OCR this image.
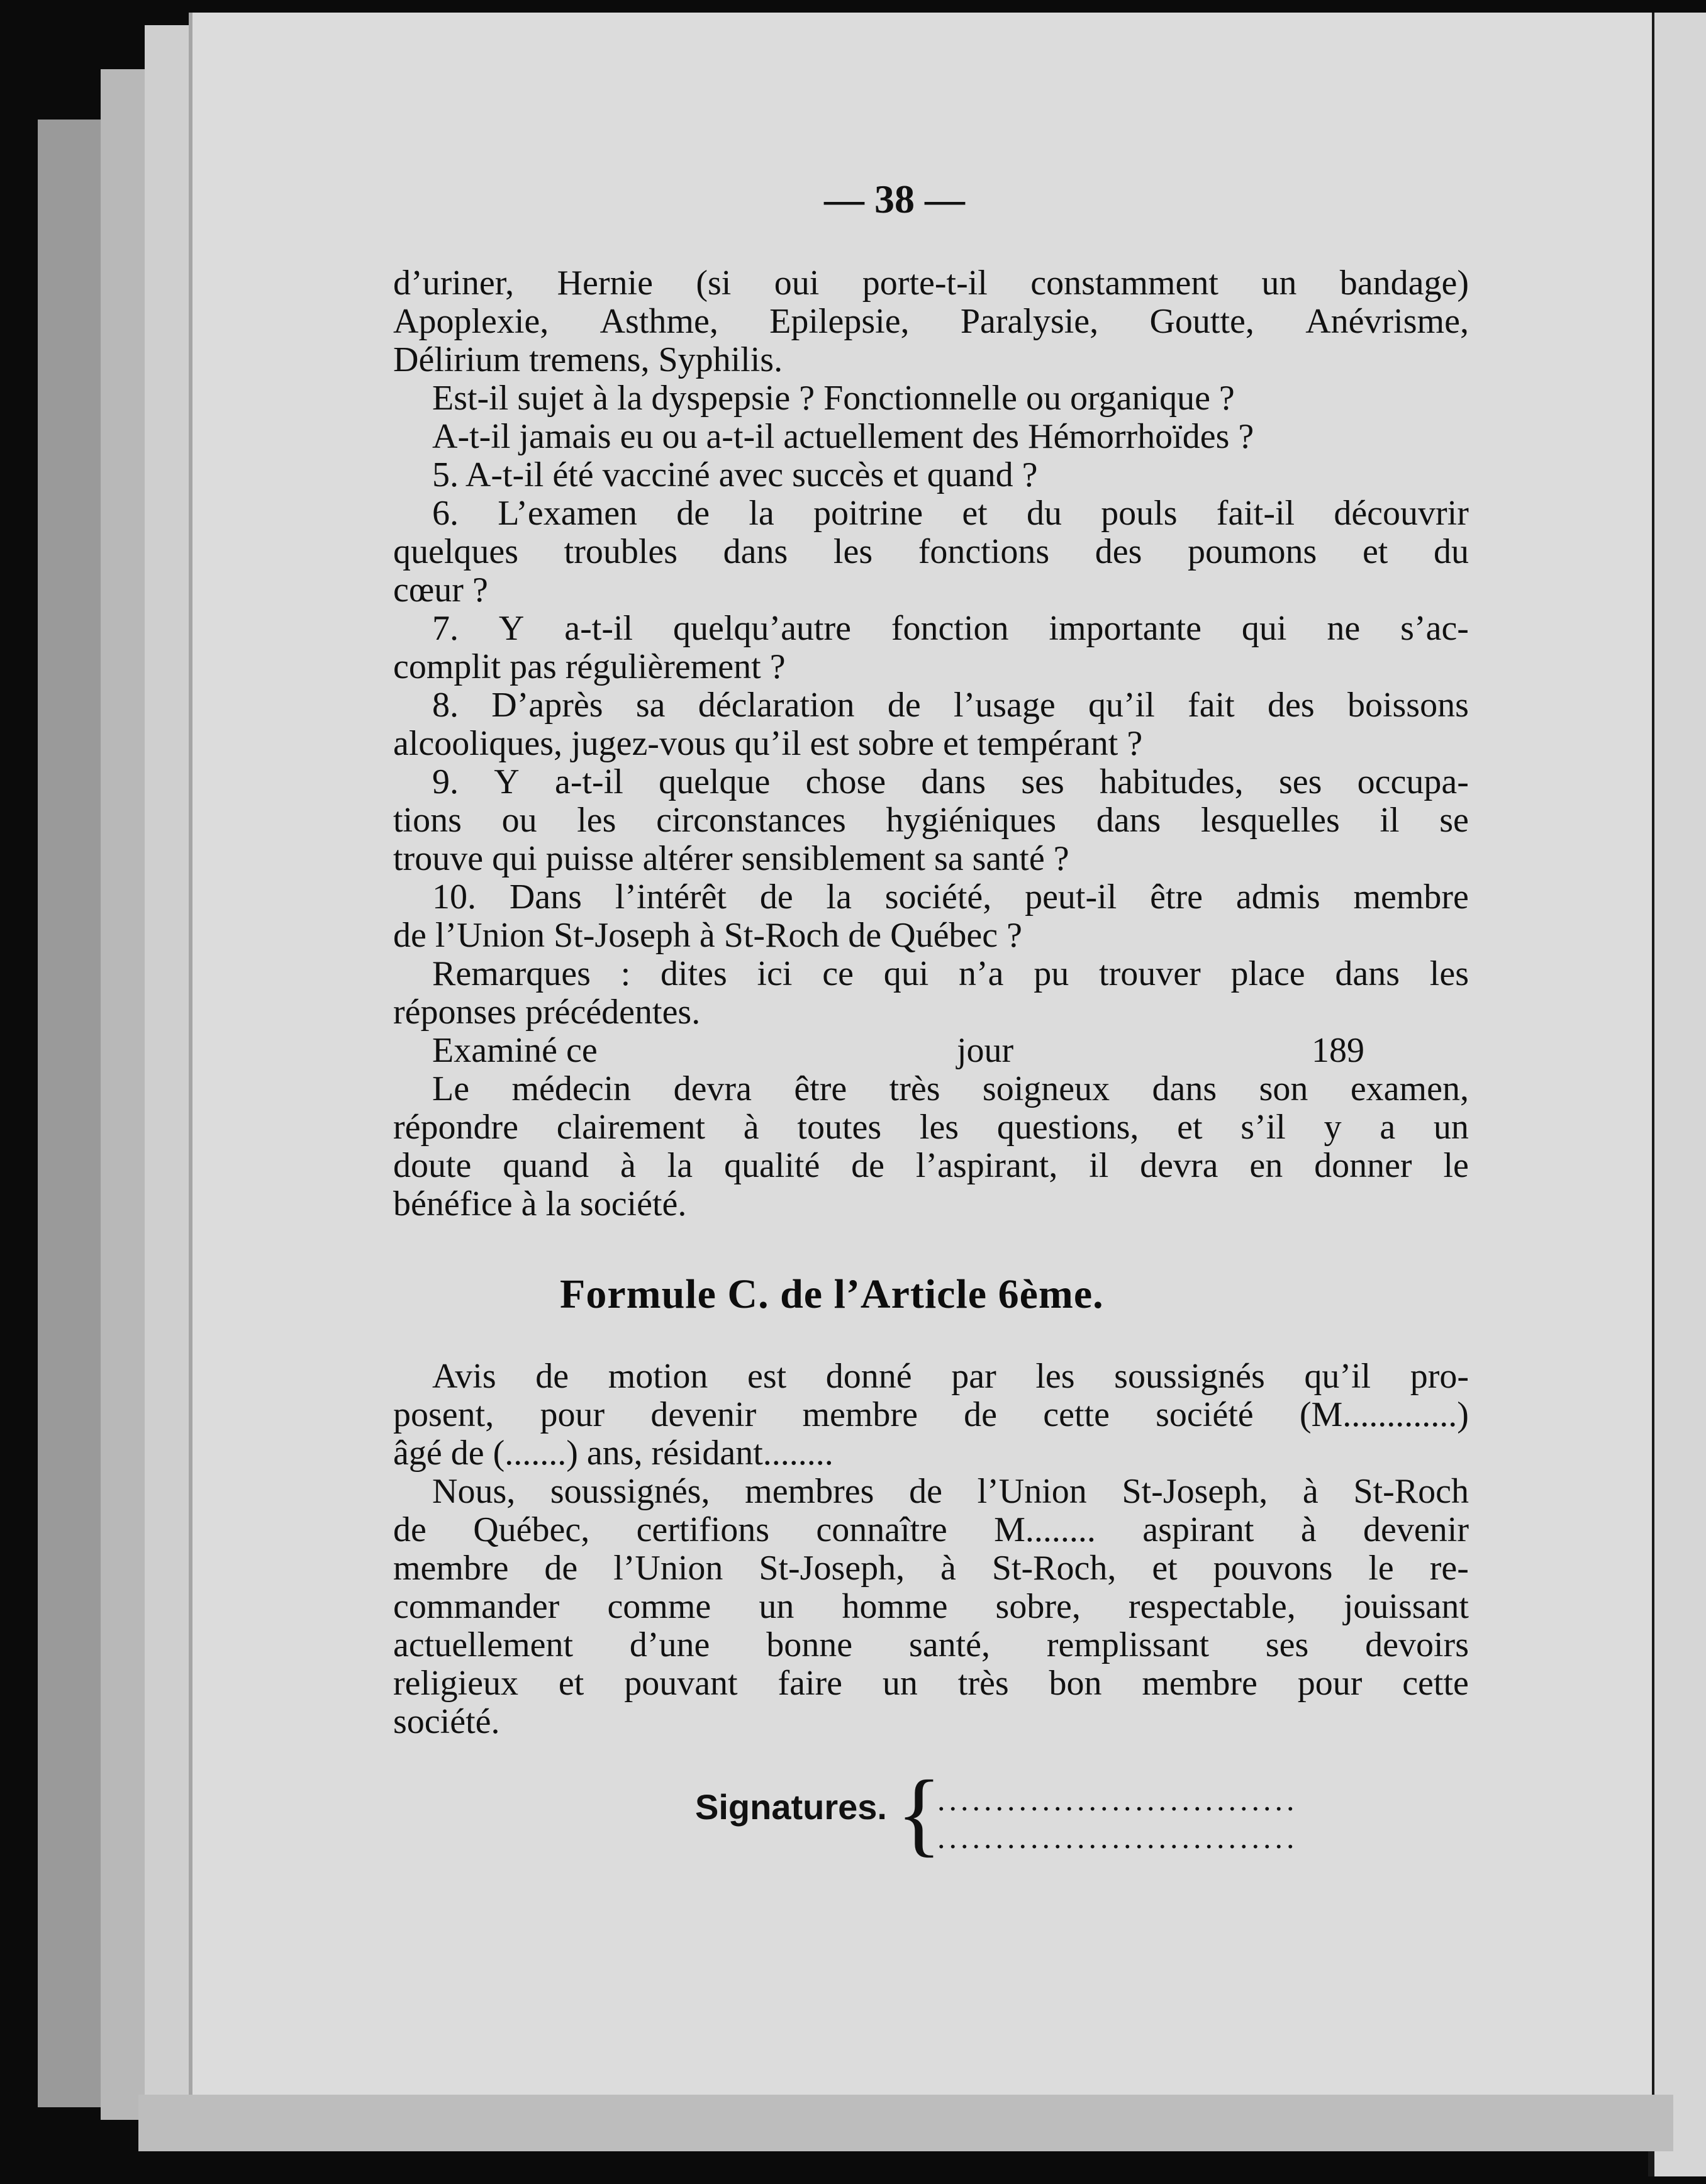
— 38 —
d’uriner, Hernie (si oui porte-t-il constamment un bandage)
Apoplexie, Asthme, Epilepsie, Paralysie, Goutte, Anévrisme,
Délirium tremens, Syphilis.
Est-il sujet à la dyspepsie ? Fonctionnelle ou organique ?
A-t-il jamais eu ou a-t-il actuellement des Hémorrhoïdes ?
5. A-t-il été vacciné avec succès et quand ?
6. L’examen de la poitrine et du pouls fait-il découvrir
quelques troubles dans les fonctions des poumons et du
cœur ?
7. Y a-t-il quelqu’autre fonction importante qui ne s’ac-
complit pas régulièrement ?
8. D’après sa déclaration de l’usage qu’il fait des boissons
alcooliques, jugez-vous qu’il est sobre et tempérant ?
9. Y a-t-il quelque chose dans ses habitudes, ses occupa-
tions ou les circonstances hygiéniques dans lesquelles il se
trouve qui puisse altérer sensiblement sa santé ?
10. Dans l’intérêt de la société, peut-il être admis membre
de l’Union St-Joseph à St-Roch de Québec ?
Remarques : dites ici ce qui n’a pu trouver place dans les
réponses précédentes.
Examiné ce	jour	189
Le médecin devra être très soigneux dans son examen,
répondre clairement à toutes les questions, et s’il y a un
doute quand à la qualité de l’aspirant, il devra en donner le
bénéfice à la société.
Formule C. de l’Article 6ème.
Avis de motion est donné par les soussignés qu’il pro-
posent, pour devenir membre de cette société (M.............)
âgé de (.......) ans, résidant........
Nous, soussignés, membres de l’Union St-Joseph, à St-Roch
de Québec, certifions connaître M........ aspirant à devenir
membre de l’Union St-Joseph, à St-Roch, et pouvons le re-
commander comme un homme sobre, respectable, jouissant
actuellement d’une bonne santé, remplissant ses devoirs
religieux et pouvant faire un très bon membre pour cette
société.
Signatures. {
...............................
...............................
